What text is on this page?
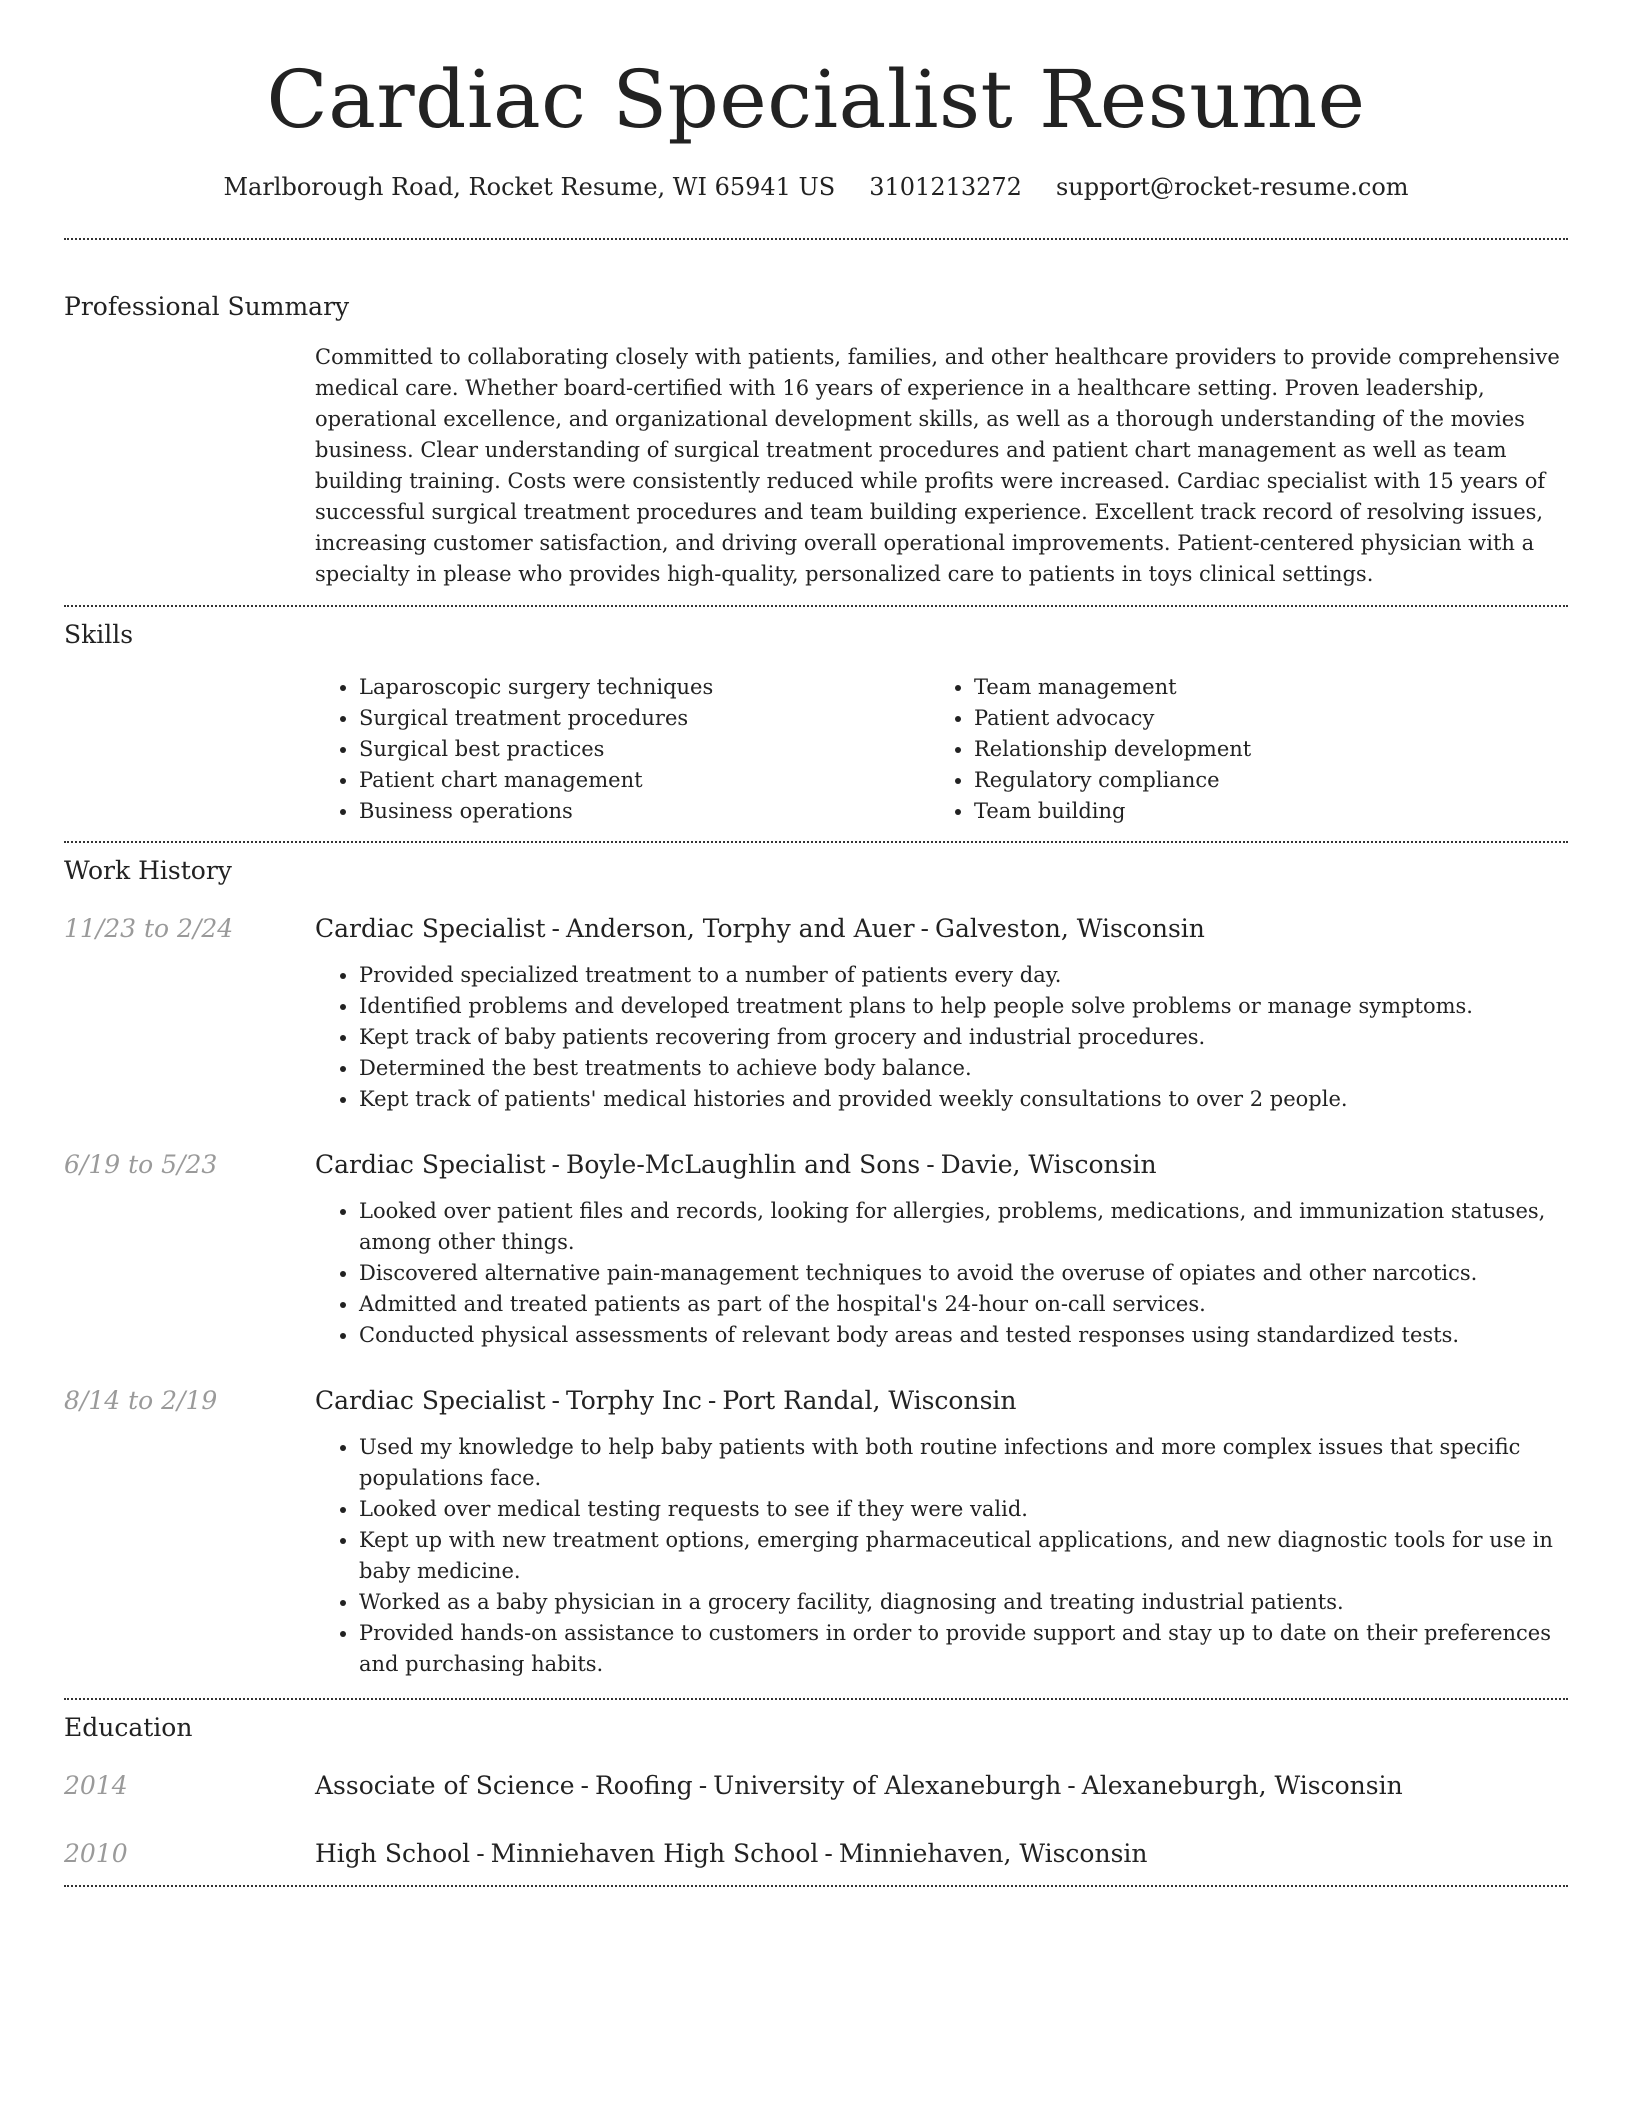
Cardiac Specialist Resume
Marlborough Road, Rocket Resume, WI 65941 US 3101213272 support@rocket-resume.com
Professional Summary

Committed to collaborating closely with patients, families, and other healthcare providers to provide comprehensive medical care. Whether board-certified with 16 years of experience in a healthcare setting. Proven leadership, operational excellence, and organizational development skills, as well as a thorough understanding of the movies business. Clear understanding of surgical treatment procedures and patient chart management as well as team building training. Costs were consistently reduced while profits were increased. Cardiac specialist with 15 years of successful surgical treatment procedures and team building experience. Excellent track record of resolving issues, increasing customer satisfaction, and driving overall operational improvements. Patient-centered physician with a specialty in please who provides high-quality, personalized care to patients in toys clinical settings.

Skills
• Laparoscopic surgery techniques
• Surgical treatment procedures
• Surgical best practices
• Patient chart management
• Business operations
• Team management
• Patient advocacy
• Relationship development
• Regulatory compliance
• Team building
Work History
11/23 to 2/24	Cardiac Specialist - Anderson, Torphy and Auer - Galveston, Wisconsin
• Provided specialized treatment to a number of patients every day.
• Identified problems and developed treatment plans to help people solve problems or manage symptoms.
• Kept track of baby patients recovering from grocery and industrial procedures.
• Determined the best treatments to achieve body balance.
• Kept track of patients' medical histories and provided weekly consultations to over 2 people.
6/19 to 5/23	Cardiac Specialist - Boyle-McLaughlin and Sons - Davie, Wisconsin
• Looked over patient files and records, looking for allergies, problems, medications, and immunization statuses, among other things.
• Discovered alternative pain-management techniques to avoid the overuse of opiates and other narcotics.
• Admitted and treated patients as part of the hospital's 24-hour on-call services.
• Conducted physical assessments of relevant body areas and tested responses using standardized tests.
8/14 to 2/19	Cardiac Specialist - Torphy Inc - Port Randal, Wisconsin
• Used my knowledge to help baby patients with both routine infections and more complex issues that specific populations face.
• Looked over medical testing requests to see if they were valid.
• Kept up with new treatment options, emerging pharmaceutical applications, and new diagnostic tools for use in baby medicine.
• Worked as a baby physician in a grocery facility, diagnosing and treating industrial patients.
• Provided hands-on assistance to customers in order to provide support and stay up to date on their preferences and purchasing habits.
Education
2014	Associate of Science - Roofing - University of Alexaneburgh - Alexaneburgh, Wisconsin
2010	High School - Minniehaven High School - Minniehaven, Wisconsin
